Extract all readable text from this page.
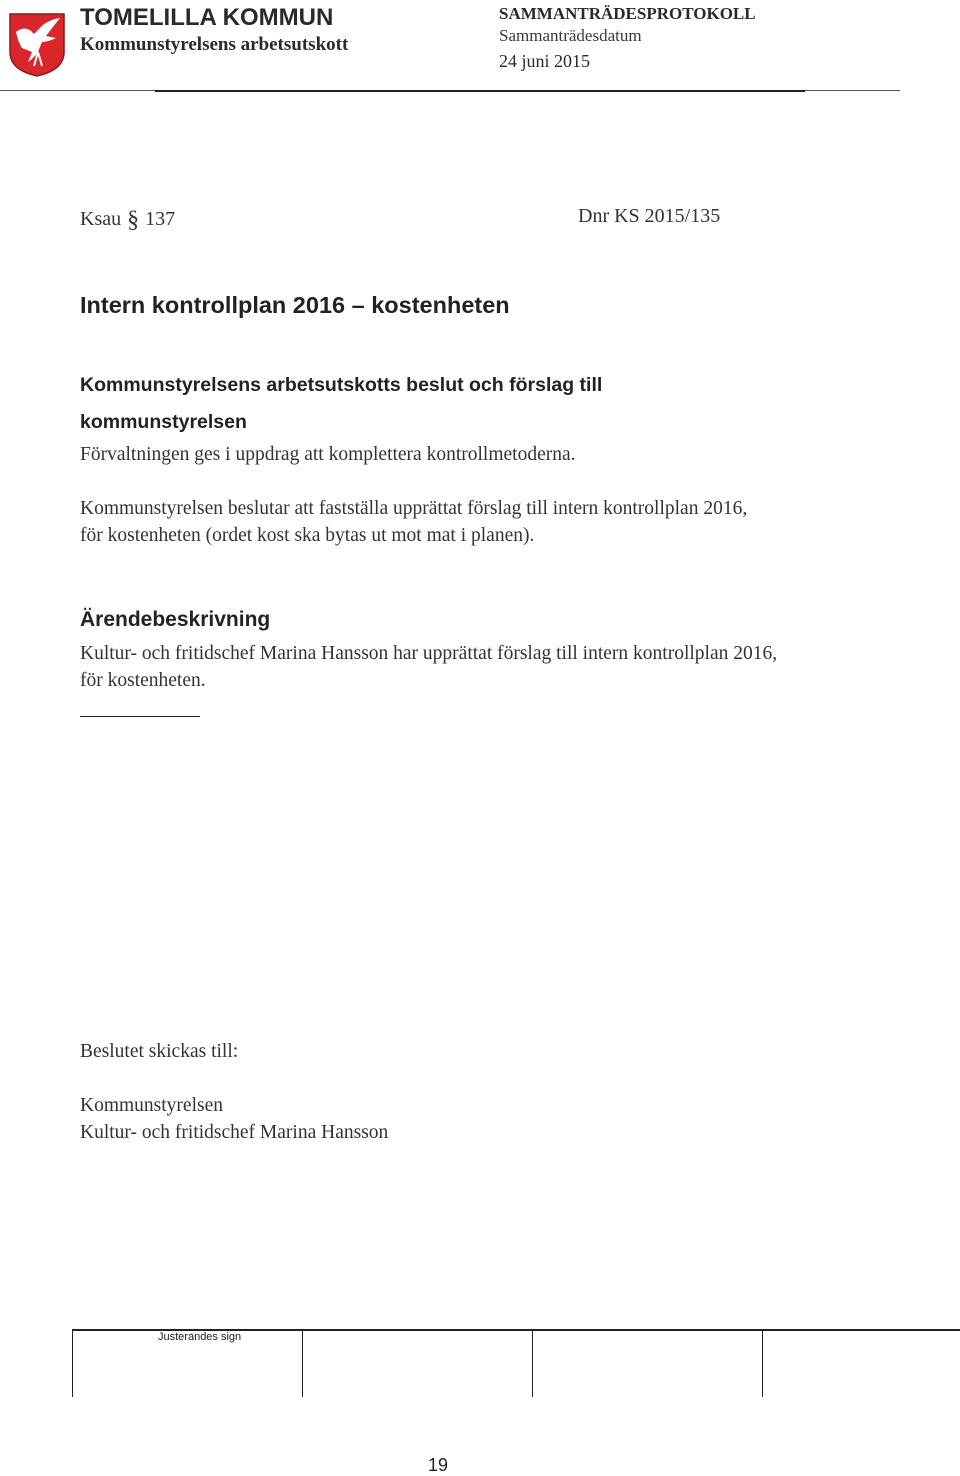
TOMELILLA KOMMUN
Kommunstyrelsens arbetsutskott
SAMMANTRÄDESPROTOKOLL
Sammanträdesdatum
24 juni 2015
Ksau § 137	Dnr KS 2015/135
Intern kontrollplan 2016 – kostenheten
Kommunstyrelsens arbetsutskotts beslut och förslag till kommunstyrelsen
Förvaltningen ges i uppdrag att komplettera kontrollmetoderna.
Kommunstyrelsen beslutar att fastställa upprättat förslag till intern kontrollplan 2016, för kostenheten (ordet kost ska bytas ut mot mat i planen).
Ärendebeskrivning
Kultur- och fritidschef Marina Hansson har upprättat förslag till intern kontrollplan 2016, för kostenheten.
Beslutet skickas till:
Kommunstyrelsen
Kultur- och fritidschef Marina Hansson
Justerandes sign
19
